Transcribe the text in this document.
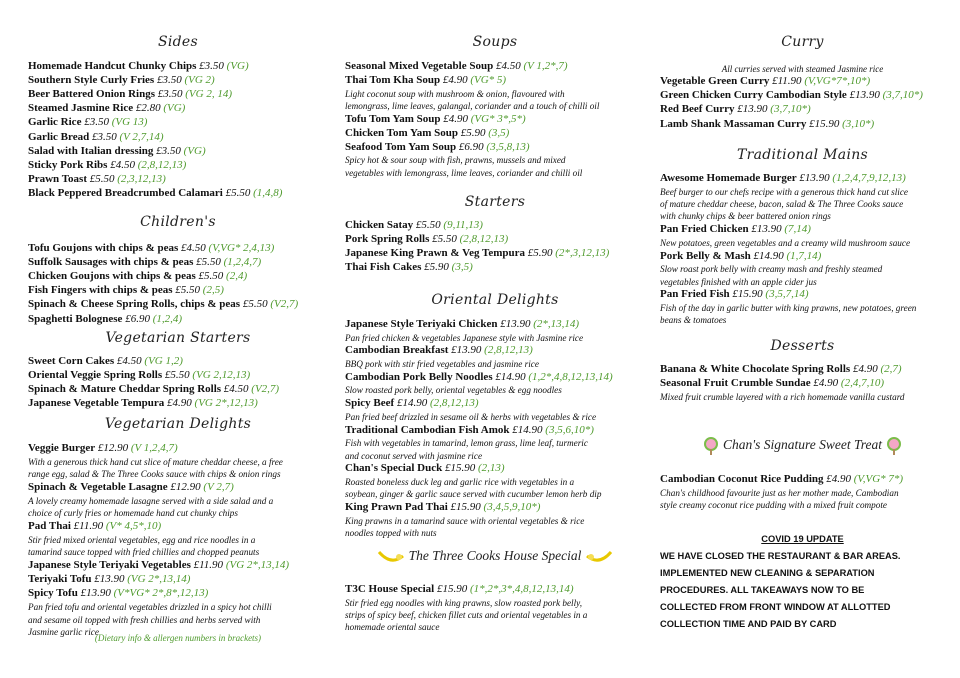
Sides
Children's
Vegetarian Starters
Vegetarian Delights
(Dietary info & allergen numbers in brackets)
Homemade Handcut Chunky Chips £3.50 (VG)
Southern Style Curly Fries £3.50 (VG 2)
Beer Battered Onion Rings £3.50 (VG 2, 14)
Steamed Jasmine Rice £2.80 (VG)
Garlic Rice £3.50 (VG 13)
Garlic Bread £3.50 (V 2,7,14)
Salad with Italian dressing £3.50 (VG)
Sticky Pork Ribs £4.50 (2,8,12,13)
Prawn Toast £5.50 (2,3,12,13)
Black Peppered Breadcrumbed Calamari £5.50 (1,4,8)
Tofu Goujons with chips & peas £4.50 (V,VG* 2,4,13)
Suffolk Sausages with chips & peas £5.50 (1,2,4,7)
Chicken Goujons with chips & peas £5.50 (2,4)
Fish Fingers with chips & peas £5.50 (2,5)
Spinach & Cheese Spring Rolls, chips & peas £5.50 (V2,7)
Spaghetti Bolognese £6.90 (1,2,4)
Sweet Corn Cakes £4.50 (VG 1,2)
Oriental Veggie Spring Rolls £5.50 (VG 2,12,13)
Spinach & Mature Cheddar Spring Rolls £4.50 (V2,7)
Japanese Vegetable Tempura £4.90 (VG 2*,12,13)
Veggie Burger £12.90 (V 1,2,4,7)
With a generous thick hand cut slice of mature cheddar cheese, a free
range egg, salad & The Three Cooks sauce with chips & onion rings
Spinach & Vegetable Lasagne £12.90 (V 2,7)
A lovely creamy homemade lasagne served with a side salad and a
choice of curly fries or homemade hand cut chunky chips
Pad Thai £11.90 (V* 4,5*,10)
Stir fried mixed oriental vegetables, egg and rice noodles in a
tamarind sauce topped with fried chillies and chopped peanuts
Japanese Style Teriyaki Vegetables £11.90 (VG 2*,13,14)
Teriyaki Tofu £13.90 (VG 2*,13,14)
Spicy Tofu £13.90 (V*VG* 2*,8*,12,13)
Pan fried tofu and oriental vegetables drizzled in a spicy hot chilli
and sesame oil topped with fresh chillies and herbs served with
Jasmine garlic rice
Soups
Starters
Oriental Delights
The Three Cooks House Special
Seasonal Mixed Vegetable Soup £4.50 (V 1,2*,7)
Thai Tom Kha Soup £4.90 (VG* 5)
Light coconut soup with mushroom & onion, flavoured with
lemongrass, lime leaves, galangal, coriander and a touch of chilli oil
Tofu Tom Yam Soup £4.90 (VG* 3*,5*)
Chicken Tom Yam Soup £5.90 (3,5)
Seafood Tom Yam Soup £6.90 (3,5,8,13)
Spicy hot & sour soup with fish, prawns, mussels and mixed
vegetables with lemongrass, lime leaves, coriander and chilli oil
Chicken Satay £5.50 (9,11,13)
Pork Spring Rolls £5.50 (2,8,12,13)
Japanese King Prawn & Veg Tempura £5.90 (2*,3,12,13)
Thai Fish Cakes £5.90 (3,5)
Japanese Style Teriyaki Chicken £13.90 (2*,13,14)
Pan fried chicken & vegetables Japanese style with Jasmine rice
Cambodian Breakfast £13.90 (2,8,12,13)
BBQ pork with stir fried vegetables and jasmine rice
Cambodian Pork Belly Noodles £14.90 (1,2*,4,8,12,13,14)
Slow roasted pork belly, oriental vegetables & egg noodles
Spicy Beef £14.90 (2,8,12,13)
Pan fried beef drizzled in sesame oil & herbs with vegetables & rice
Traditional Cambodian Fish Amok £14.90 (3,5,6,10*)
Fish with vegetables in tamarind, lemon grass, lime leaf, turmeric
and coconut served with jasmine rice
Chan's Special Duck £15.90 (2,13)
Roasted boneless duck leg and garlic rice with vegetables in a
soybean, ginger & garlic sauce served with cucumber lemon herb dip
King Prawn Pad Thai £15.90 (3,4,5,9,10*)
King prawns in a tamarind sauce with oriental vegetables & rice
noodles topped with nuts
T3C House Special £15.90 (1*,2*,3*,4,8,12,13,14)
Stir fried egg noodles with king prawns, slow roasted pork belly,
strips of spicy beef, chicken fillet cuts and oriental vegetables in a
homemade oriental sauce
Curry
All curries served with steamed Jasmine rice
Traditional Mains
Desserts
Chan's Signature Sweet Treat
COVID 19 UPDATE
WE HAVE CLOSED THE RESTAURANT & BAR AREAS.
IMPLEMENTED NEW CLEANING & SEPARATION
PROCEDURES. ALL TAKEAWAYS NOW TO BE
COLLECTED FROM FRONT WINDOW AT ALLOTTED
COLLECTION TIME AND PAID BY CARD
Vegetable Green Curry £11.90 (V,VG*7*,10*)
Green Chicken Curry Cambodian Style £13.90 (3,7,10*)
Red Beef Curry £13.90 (3,7,10*)
Lamb Shank Massaman Curry £15.90 (3,10*)
Awesome Homemade Burger £13.90 (1,2,4,7,9,12,13)
Beef burger to our chefs recipe with a generous thick hand cut slice
of mature cheddar cheese, bacon, salad & The Three Cooks sauce
with chunky chips & beer battered onion rings
Pan Fried Chicken £13.90 (7,14)
New potatoes, green vegetables and a creamy wild mushroom sauce
Pork Belly & Mash £14.90 (1,7,14)
Slow roast pork belly with creamy mash and freshly steamed
vegetables finished with an apple cider jus
Pan Fried Fish £15.90 (3,5,7,14)
Fish of the day in garlic butter with king prawns, new potatoes, green
beans & tomatoes
Banana & White Chocolate Spring Rolls £4.90 (2,7)
Seasonal Fruit Crumble Sundae £4.90 (2,4,7,10)
Mixed fruit crumble layered with a rich homemade vanilla custard
Cambodian Coconut Rice Pudding £4.90 (V,VG* 7*)
Chan's childhood favourite just as her mother made, Cambodian
style creamy coconut rice pudding with a mixed fruit compote
